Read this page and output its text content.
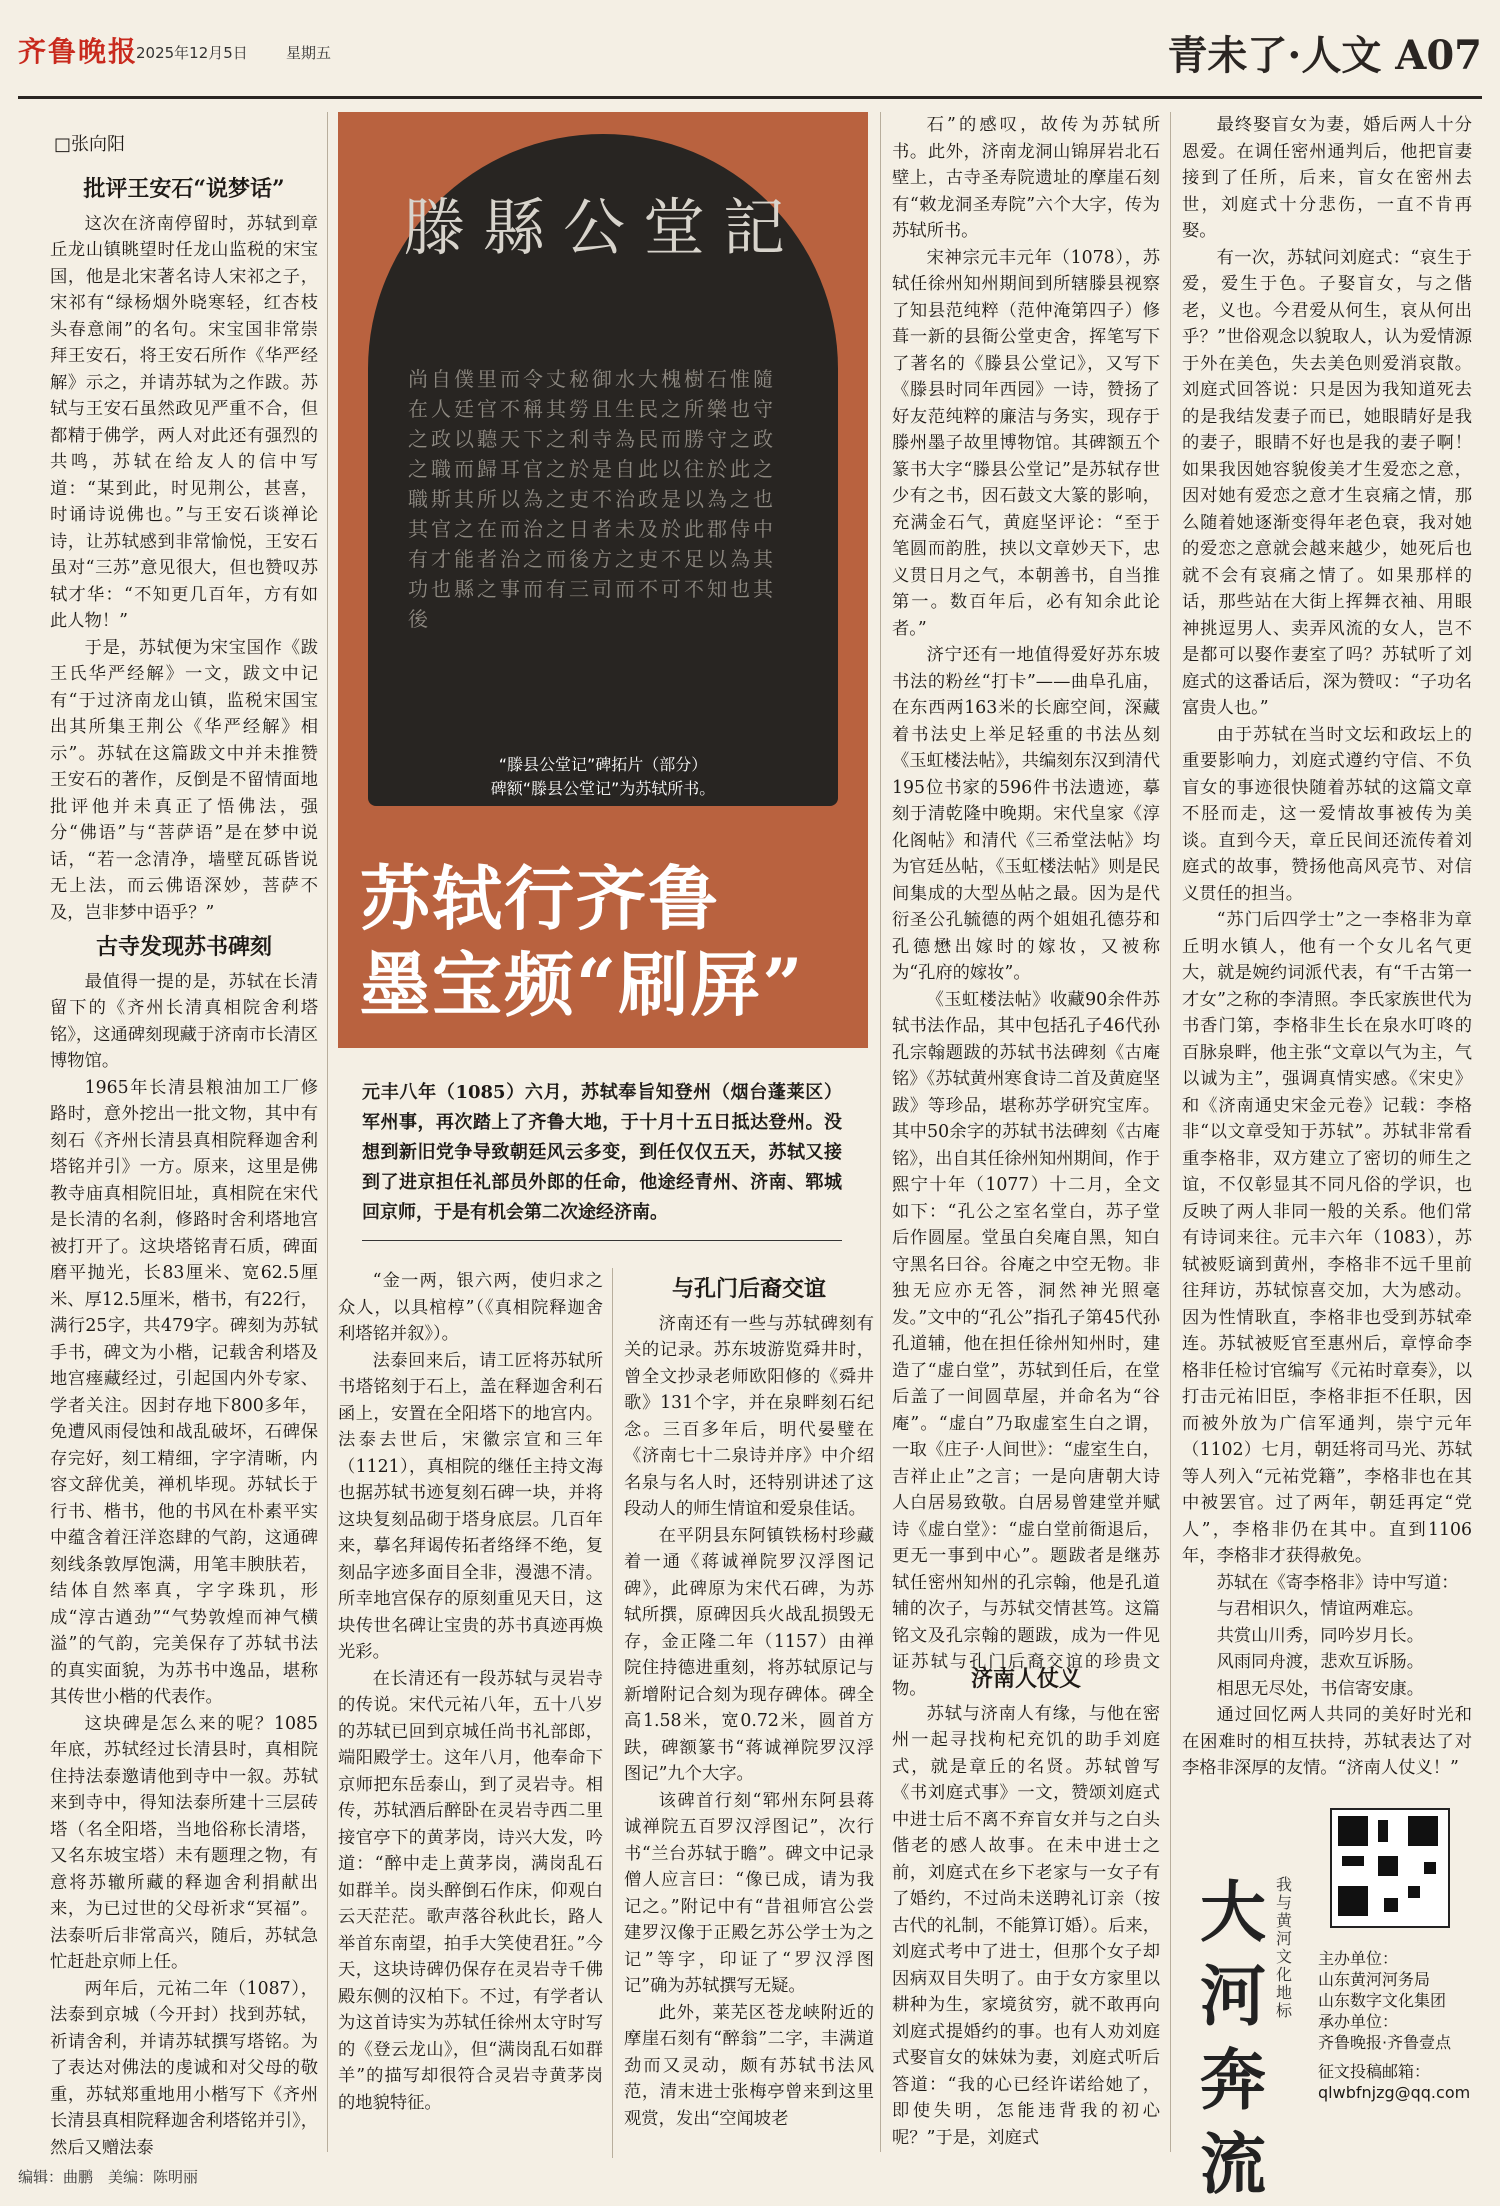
齐鲁晚报
2025年12月5日	星期五	青未了·人文 A07
□张向阳
批评王安石“说梦话”

这次在济南停留时，苏轼到章丘龙山镇眺望时任龙山监税的宋宝国，他是北宋著名诗人宋祁之子，宋祁有“绿杨烟外晓寒轻，红杏枝头春意闹”的名句。宋宝国非常崇拜王安石，将王安石所作《华严经解》示之，并请苏轼为之作跋。苏轼与王安石虽然政见严重不合，但都精于佛学，两人对此还有强烈的共鸣，苏轼在给友人的信中写道：“某到此，时见荆公，甚喜，时诵诗说佛也。”与王安石谈禅论诗，让苏轼感到非常愉悦，王安石虽对“三苏”意见很大，但也赞叹苏轼才华：“不知更几百年，方有如此人物！”

于是，苏轼便为宋宝国作《跋王氏华严经解》一文，跋文中记有“于过济南龙山镇，监税宋国宝出其所集王荆公《华严经解》相示”。苏轼在这篇跋文中并未推赞王安石的著作，反倒是不留情面地批评他并未真正了悟佛法，强分“佛语”与“菩萨语”是在梦中说话，“若一念清净，墙壁瓦砾皆说无上法，而云佛语深妙，菩萨不及，岂非梦中语乎？”

古寺发现苏书碑刻

最值得一提的是，苏轼在长清留下的《齐州长清真相院舍利塔铭》，这通碑刻现藏于济南市长清区博物馆。

1965年长清县粮油加工厂修路时，意外挖出一批文物，其中有刻石《齐州长清县真相院释迦舍利塔铭并引》一方。原来，这里是佛教寺庙真相院旧址，真相院在宋代是长清的名刹，修路时舍利塔地宫被打开了。这块塔铭青石质，碑面磨平抛光，长83厘米、宽62.5厘米、厚12.5厘米，楷书，有22行，满行25字，共479字。碑刻为苏轼手书，碑文为小楷，记载舍利塔及地宫瘗藏经过，引起国内外专家、学者关注。因封存地下800多年，免遭风雨侵蚀和战乱破坏，石碑保存完好，刻工精细，字字清晰，内容文辞优美，禅机毕现。苏轼长于行书、楷书，他的书风在朴素平实中蕴含着汪洋恣肆的气韵，这通碑刻线条敦厚饱满，用笔丰腴肤若，结体自然率真，字字珠玑，形成“淳古遒劲”“气势敦煌而神气横溢”的气韵，完美保存了苏轼书法的真实面貌，为苏书中逸品，堪称其传世小楷的代表作。

这块碑是怎么来的呢？1085年底，苏轼经过长清县时，真相院住持法泰邀请他到寺中一叙。苏轼来到寺中，得知法泰所建十三层砖塔（名全阳塔，当地俗称长清塔，又名东坡宝塔）未有题理之物，有意将苏辙所藏的释迦舍利捐献出来，为已过世的父母祈求“冥福”。法泰听后非常高兴，随后，苏轼急忙赶赴京师上任。

两年后，元祐二年（1087），法泰到京城（今开封）找到苏轼，祈请舍利，并请苏轼撰写塔铭。为了表达对佛法的虔诚和对父母的敬重，苏轼郑重地用小楷写下《齐州长清县真相院释迦舍利塔铭并引》，然后又赠法泰

滕縣公堂記
尚自僕里而令丈秘御水大槐樹石惟隨在人廷官不稱其勞且生民之所樂也守之政以聽天下之利寺為民而勝守之政之職而歸耳官之於是自此以往於此之職斯其所以為之吏不治政是以為之也其官之在而治之日者未及於此郡侍中有才能者治之而後方之吏不足以為其功也縣之事而有三司而不可不知也其後
“滕县公堂记”碑拓片（部分）
碑额“滕县公堂记”为苏轼所书。
苏轼行齐鲁
墨宝频“刷屏”
元丰八年（1085）六月，苏轼奉旨知登州（烟台蓬莱区）军州事，再次踏上了齐鲁大地，于十月十五日抵达登州。没想到新旧党争导致朝廷风云多变，到任仅仅五天，苏轼又接到了进京担任礼部员外郎的任命，他途经青州、济南、郓城回京师，于是有机会第二次途经济南。

“金一两，银六两，使归求之众人，以具棺椁”（《真相院释迦舍利塔铭并叙》）。

法泰回来后，请工匠将苏轼所书塔铭刻于石上，盖在释迦舍利石函上，安置在全阳塔下的地宫内。法泰去世后，宋徽宗宣和三年（1121），真相院的继任主持文海也据苏轼书迹复刻石碑一块，并将这块复刻品砌于塔身底层。几百年来，摹名拜谒传拓者络绎不绝，复刻品字迹多面目全非，漫漶不清。所幸地宫保存的原刻重见天日，这块传世名碑让宝贵的苏书真迹再焕光彩。

在长清还有一段苏轼与灵岩寺的传说。宋代元祐八年，五十八岁的苏轼已回到京城任尚书礼部郎，端阳殿学士。这年八月，他奉命下京师把东岳泰山，到了灵岩寺。相传，苏轼酒后醉卧在灵岩寺西二里接官亭下的黄茅岗，诗兴大发，吟道：“醉中走上黄茅岗，满岗乱石如群羊。岗头醉倒石作床，仰观白云天茫茫。歌声落谷秋此长，路人举首东南望，拍手大笑使君狂。”今天，这块诗碑仍保存在灵岩寺千佛殿东侧的汉柏下。不过，有学者认为这首诗实为苏轼任徐州太守时写的《登云龙山》，但“满岗乱石如群羊”的描写却很符合灵岩寺黄茅岗的地貌特征。

与孔门后裔交谊

济南还有一些与苏轼碑刻有关的记录。苏东坡游览舜井时，曾全文抄录老师欧阳修的《舜井歌》131个字，并在泉畔刻石纪念。三百多年后，明代晏璧在《济南七十二泉诗并序》中介绍名泉与名人时，还特别讲述了这段动人的师生情谊和爱泉佳话。

在平阴县东阿镇铁杨村珍藏着一通《蒋诚禅院罗汉浮图记碑》，此碑原为宋代石碑，为苏轼所撰，原碑因兵火战乱损毁无存，金正隆二年（1157）由禅院住持德进重刻，将苏轼原记与新增附记合刻为现存碑体。碑全高1.58米，宽0.72米，圆首方趺，碑额篆书“蒋诚禅院罗汉浮图记”九个大字。

该碑首行刻“郓州东阿县蒋诚禅院五百罗汉浮图记”，次行书“兰台苏轼于瞻”。碑文中记录僧人应言曰：“像已成，请为我记之。”附记中有“昔祖师宫公尝建罗汉像于正殿乞苏公学士为之记”等字，印证了“罗汉浮图记”确为苏轼撰写无疑。

此外，莱芜区苍龙峡附近的摩崖石刻有“醉翁”二字，丰满道劲而又灵动，颇有苏轼书法风范，清末进士张梅亭曾来到这里观赏，发出“空闻坡老

石”的感叹，故传为苏轼所书。此外，济南龙洞山锦屏岩北石壁上，古寺圣寿院遗址的摩崖石刻有“敕龙洞圣寿院”六个大字，传为苏轼所书。

宋神宗元丰元年（1078），苏轼任徐州知州期间到所辖滕县视察了知县范纯粹（范仲淹第四子）修葺一新的县衙公堂吏舍，挥笔写下了著名的《滕县公堂记》，又写下《滕县时同年西园》一诗，赞扬了好友范纯粹的廉洁与务实，现存于滕州墨子故里博物馆。其碑额五个篆书大字“滕县公堂记”是苏轼存世少有之书，因石鼓文大篆的影响，充满金石气，黄庭坚评论：“至于笔圆而韵胜，挟以文章妙天下，忠义贯日月之气，本朝善书，自当推第一。数百年后，必有知余此论者。”

济宁还有一地值得爱好苏东坡书法的粉丝“打卡”——曲阜孔庙，在东西两163米的长廊空间，深藏着书法史上举足轻重的书法丛刻《玉虹楼法帖》，共编刻东汉到清代195位书家的596件书法遗迹，摹刻于清乾隆中晚期。宋代皇家《淳化阁帖》和清代《三希堂法帖》均为官廷丛帖，《玉虹楼法帖》则是民间集成的大型丛帖之最。因为是代衍圣公孔毓德的两个姐姐孔德芬和孔德懋出嫁时的嫁妆，又被称为“孔府的嫁妆”。

《玉虹楼法帖》收藏90余件苏轼书法作品，其中包括孔子46代孙孔宗翰题跋的苏轼书法碑刻《古庵铭》《苏轼黄州寒食诗二首及黄庭坚跋》等珍品，堪称苏学研究宝库。其中50余字的苏轼书法碑刻《古庵铭》，出自其任徐州知州期间，作于熙宁十年（1077）十二月，全文如下：“孔公之室名堂白，苏子堂后作圆屋。堂虽白矣庵自黑，知白守黑名曰谷。谷庵之中空无物。非独无应亦无答，洞然神光照毫发。”文中的“孔公”指孔子第45代孙孔道辅，他在担任徐州知州时，建造了“虚白堂”，苏轼到任后，在堂后盖了一间圆草屋，并命名为“谷庵”。“虚白”乃取虚室生白之谓，一取《庄子·人间世》：“虚室生白，吉祥止止”之言；一是向唐朝大诗人白居易致敬。白居易曾建堂并赋诗《虚白堂》：“虚白堂前衙退后，更无一事到中心”。题跋者是继苏轼任密州知州的孔宗翰，他是孔道辅的次子，与苏轼交情甚笃。这篇铭文及孔宗翰的题跋，成为一件见证苏轼与孔门后裔交谊的珍贵文物。	济南人仗义

苏轼与济南人有缘，与他在密州一起寻找枸杞充饥的助手刘庭式，就是章丘的名贤。苏轼曾写《书刘庭式事》一文，赞颂刘庭式中进士后不离不弃盲女并与之白头偕老的感人故事。在未中进士之前，刘庭式在乡下老家与一女子有了婚约，不过尚未送聘礼订亲（按古代的礼制，不能算订婚）。后来，刘庭式考中了进士，但那个女子却因病双目失明了。由于女方家里以耕种为生，家境贫穷，就不敢再向刘庭式提婚约的事。也有人劝刘庭式娶盲女的妹妹为妻，刘庭式听后答道：“我的心已经许诺给她了，即使失明，怎能违背我的初心呢？”于是，刘庭式

最终娶盲女为妻，婚后两人十分恩爱。在调任密州通判后，他把盲妻接到了任所，后来，盲女在密州去世，刘庭式十分悲伤，一直不肯再娶。

有一次，苏轼问刘庭式：“哀生于爱，爱生于色。子娶盲女，与之偕老，义也。今君爱从何生，哀从何出乎？”世俗观念以貌取人，认为爱情源于外在美色，失去美色则爱消哀散。刘庭式回答说：只是因为我知道死去的是我结发妻子而已，她眼睛好是我的妻子，眼睛不好也是我的妻子啊！如果我因她容貌俊美才生爱恋之意，因对她有爱恋之意才生哀痛之情，那么随着她逐渐变得年老色衰，我对她的爱恋之意就会越来越少，她死后也就不会有哀痛之情了。如果那样的话，那些站在大街上挥舞衣袖、用眼神挑逗男人、卖弄风流的女人，岂不是都可以娶作妻室了吗？苏轼听了刘庭式的这番话后，深为赞叹：“子功名富贵人也。”

由于苏轼在当时文坛和政坛上的重要影响力，刘庭式遵约守信、不负盲女的事迹很快随着苏轼的这篇文章不胫而走，这一爱情故事被传为美谈。直到今天，章丘民间还流传着刘庭式的故事，赞扬他高风亮节、对信义贯任的担当。

“苏门后四学士”之一李格非为章丘明水镇人，他有一个女儿名气更大，就是婉约词派代表，有“千古第一才女”之称的李清照。李氏家族世代为书香门第，李格非生长在泉水叮咚的百脉泉畔，他主张“文章以气为主，气以诚为主”，强调真情实感。《宋史》和《济南通史宋金元卷》记载：李格非“以文章受知于苏轼”。苏轼非常看重李格非，双方建立了密切的师生之谊，不仅彰显其不同凡俗的学识，也反映了两人非同一般的关系。他们常有诗词来往。元丰六年（1083），苏轼被贬谪到黄州，李格非不远千里前往拜访，苏轼惊喜交加，大为感动。因为性情耿直，李格非也受到苏轼牵连。苏轼被贬官至惠州后，章惇命李格非任检讨官编写《元祐时章奏》，以打击元祐旧臣，李格非拒不任职，因而被外放为广信军通判，崇宁元年（1102）七月，朝廷将司马光、苏轼等人列入“元祐党籍”，李格非也在其中被罢官。过了两年，朝廷再定“党人”，李格非仍在其中。直到1106年，李格非才获得赦免。

苏轼在《寄李格非》诗中写道：

与君相识久，情谊两难忘。

共赏山川秀，同吟岁月长。

风雨同舟渡，悲欢互诉肠。

相思无尽处，书信寄安康。

通过回忆两人共同的美好时光和在困难时的相互扶持，苏轼表达了对李格非深厚的友情。“济南人仗义！”

大河奔流
我与黄河文化地标
主办单位：
山东黄河河务局
山东数字文化集团
承办单位：
齐鲁晚报·齐鲁壹点
征文投稿邮箱：
qlwbfnjzg@qq.com
编辑：曲鹏　美编：陈明丽
